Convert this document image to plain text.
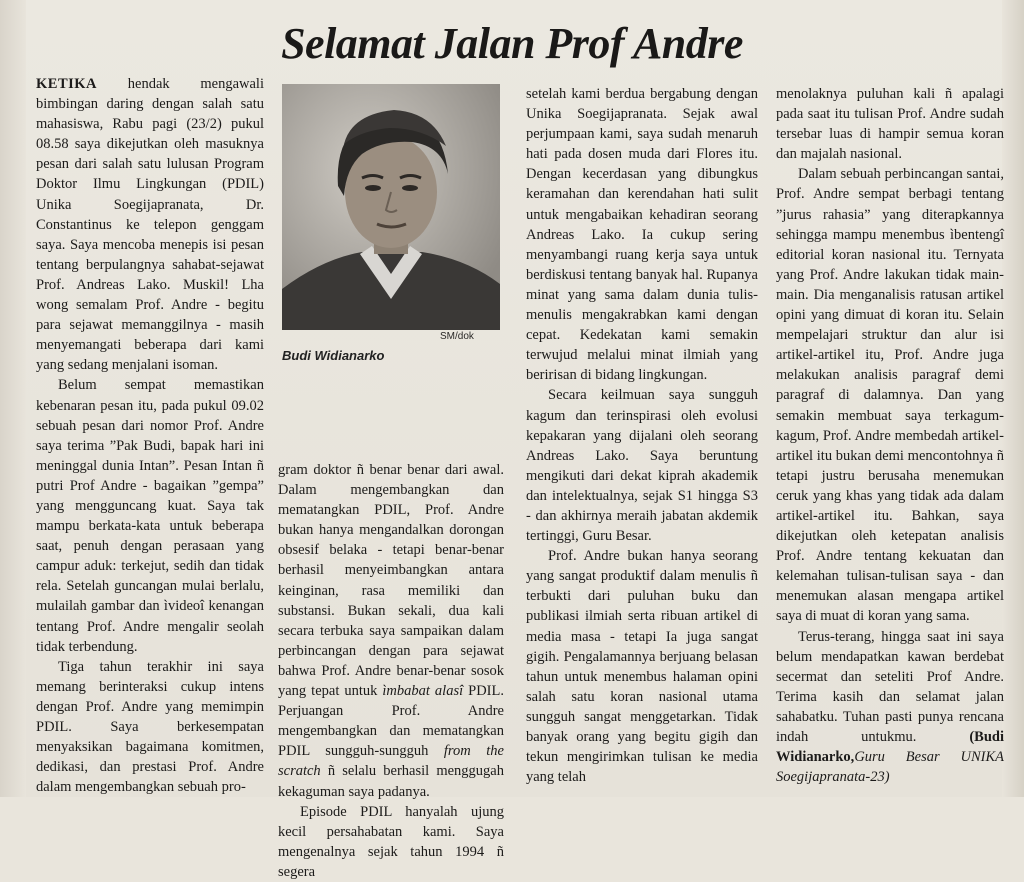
Selamat Jalan Prof Andre

KETIKA hendak mengawali bimbingan daring dengan salah satu mahasiswa, Rabu pagi (23/2) pukul 08.58 saya dikejutkan oleh masuknya pesan dari salah satu lulusan Program Doktor Ilmu Lingkungan (PDIL) Unika Soegijapranata, Dr. Constantinus ke telepon genggam saya. Saya mencoba menepis isi pesan tentang berpulangnya sahabat-sejawat Prof. Andreas Lako. Muskil! Lha wong semalam Prof. Andre - begitu para sejawat memanggilnya - masih menyemangati beberapa dari kami yang sedang menjalani isoman.

Belum sempat memastikan kebenaran pesan itu, pada pukul 09.02 sebuah pesan dari nomor Prof. Andre saya terima ”Pak Budi, bapak hari ini meninggal dunia Intan”. Pesan Intan ñ putri Prof Andre - bagaikan ”gempa” yang mengguncang kuat. Saya tak mampu berkata-kata untuk beberapa saat, penuh dengan perasaan yang campur aduk: terkejut, sedih dan tidak rela. Setelah guncangan mulai berlalu, mulailah gambar dan ìvideoî kenangan tentang Prof. Andre mengalir seolah tidak terbendung.

Tiga tahun terakhir ini saya memang berinteraksi cukup intens dengan Prof. Andre yang memimpin PDIL. Saya berkesempatan menyaksikan bagaimana komitmen, dedikasi, dan prestasi Prof. Andre dalam mengembangkan sebuah pro-

SM/dok
Budi Widianarko

gram doktor ñ benar benar dari awal. Dalam mengembangkan dan mematangkan PDIL, Prof. Andre bukan hanya mengandalkan dorongan obsesif belaka - tetapi benar-benar berhasil menyeimbangkan antara keinginan, rasa memiliki dan substansi. Bukan sekali, dua kali secara terbuka saya sampaikan dalam perbincangan dengan para sejawat bahwa Prof. Andre benar-benar sosok yang tepat untuk ìmbabat alasî PDIL. Perjuangan Prof. Andre mengembangkan dan mematangkan PDIL sungguh-sungguh from the scratch ñ selalu berhasil menggugah kekaguman saya padanya.

Episode PDIL hanyalah ujung kecil persahabatan kami. Saya mengenalnya sejak tahun 1994 ñ segera

setelah kami berdua bergabung dengan Unika Soegijapranata. Sejak awal perjumpaan kami, saya sudah menaruh hati pada dosen muda dari Flores itu. Dengan kecerdasan yang dibungkus keramahan dan kerendahan hati sulit untuk mengabaikan kehadiran seorang Andreas Lako. Ia cukup sering menyambangi ruang kerja saya untuk berdiskusi tentang banyak hal. Rupanya minat yang sama dalam dunia tulis-menulis mengakrabkan kami dengan cepat. Kedekatan kami semakin terwujud melalui minat ilmiah yang beririsan di bidang lingkungan.

Secara keilmuan saya sungguh kagum dan terinspirasi oleh evolusi kepakaran yang dijalani oleh seorang Andreas Lako. Saya beruntung mengikuti dari dekat kiprah akademik dan intelektualnya, sejak S1 hingga S3 - dan akhirnya meraih jabatan akdemik tertinggi, Guru Besar.

Prof. Andre bukan hanya seorang yang sangat produktif dalam menulis ñ terbukti dari puluhan buku dan publikasi ilmiah serta ribuan artikel di media masa - tetapi Ia juga sangat gigih. Pengalamannya berjuang belasan tahun untuk menembus halaman opini salah satu koran nasional utama sungguh sangat menggetarkan. Tidak banyak orang yang begitu gigih dan tekun mengirimkan tulisan ke media yang telah

menolaknya puluhan kali ñ apalagi pada saat itu tulisan Prof. Andre sudah tersebar luas di hampir semua koran dan majalah nasional.

Dalam sebuah perbincangan santai, Prof. Andre sempat berbagi tentang ”jurus rahasia” yang diterapkannya sehingga mampu menembus ìbentengî editorial koran nasional itu. Ternyata yang Prof. Andre lakukan tidak main-main. Dia menganalisis ratusan artikel opini yang dimuat di koran itu. Selain mempelajari struktur dan alur isi artikel-artikel itu, Prof. Andre juga melakukan analisis paragraf demi paragraf di dalamnya. Dan yang semakin membuat saya terkagum-kagum, Prof. Andre membedah artikel-artikel itu bukan demi mencontohnya ñ tetapi justru berusaha menemukan ceruk yang khas yang tidak ada dalam artikel-artikel itu. Bahkan, saya dikejutkan oleh ketepatan analisis Prof. Andre tentang kekuatan dan kelemahan tulisan-tulisan saya - dan menemukan alasan mengapa artikel saya di muat di koran yang sama.

Terus-terang, hingga saat ini saya belum mendapatkan kawan berdebat secermat dan seteliti Prof Andre. Terima kasih dan selamat jalan sahabatku. Tuhan pasti punya rencana indah untukmu. (Budi Widianarko,Guru Besar UNIKA Soegijapranata-23)
